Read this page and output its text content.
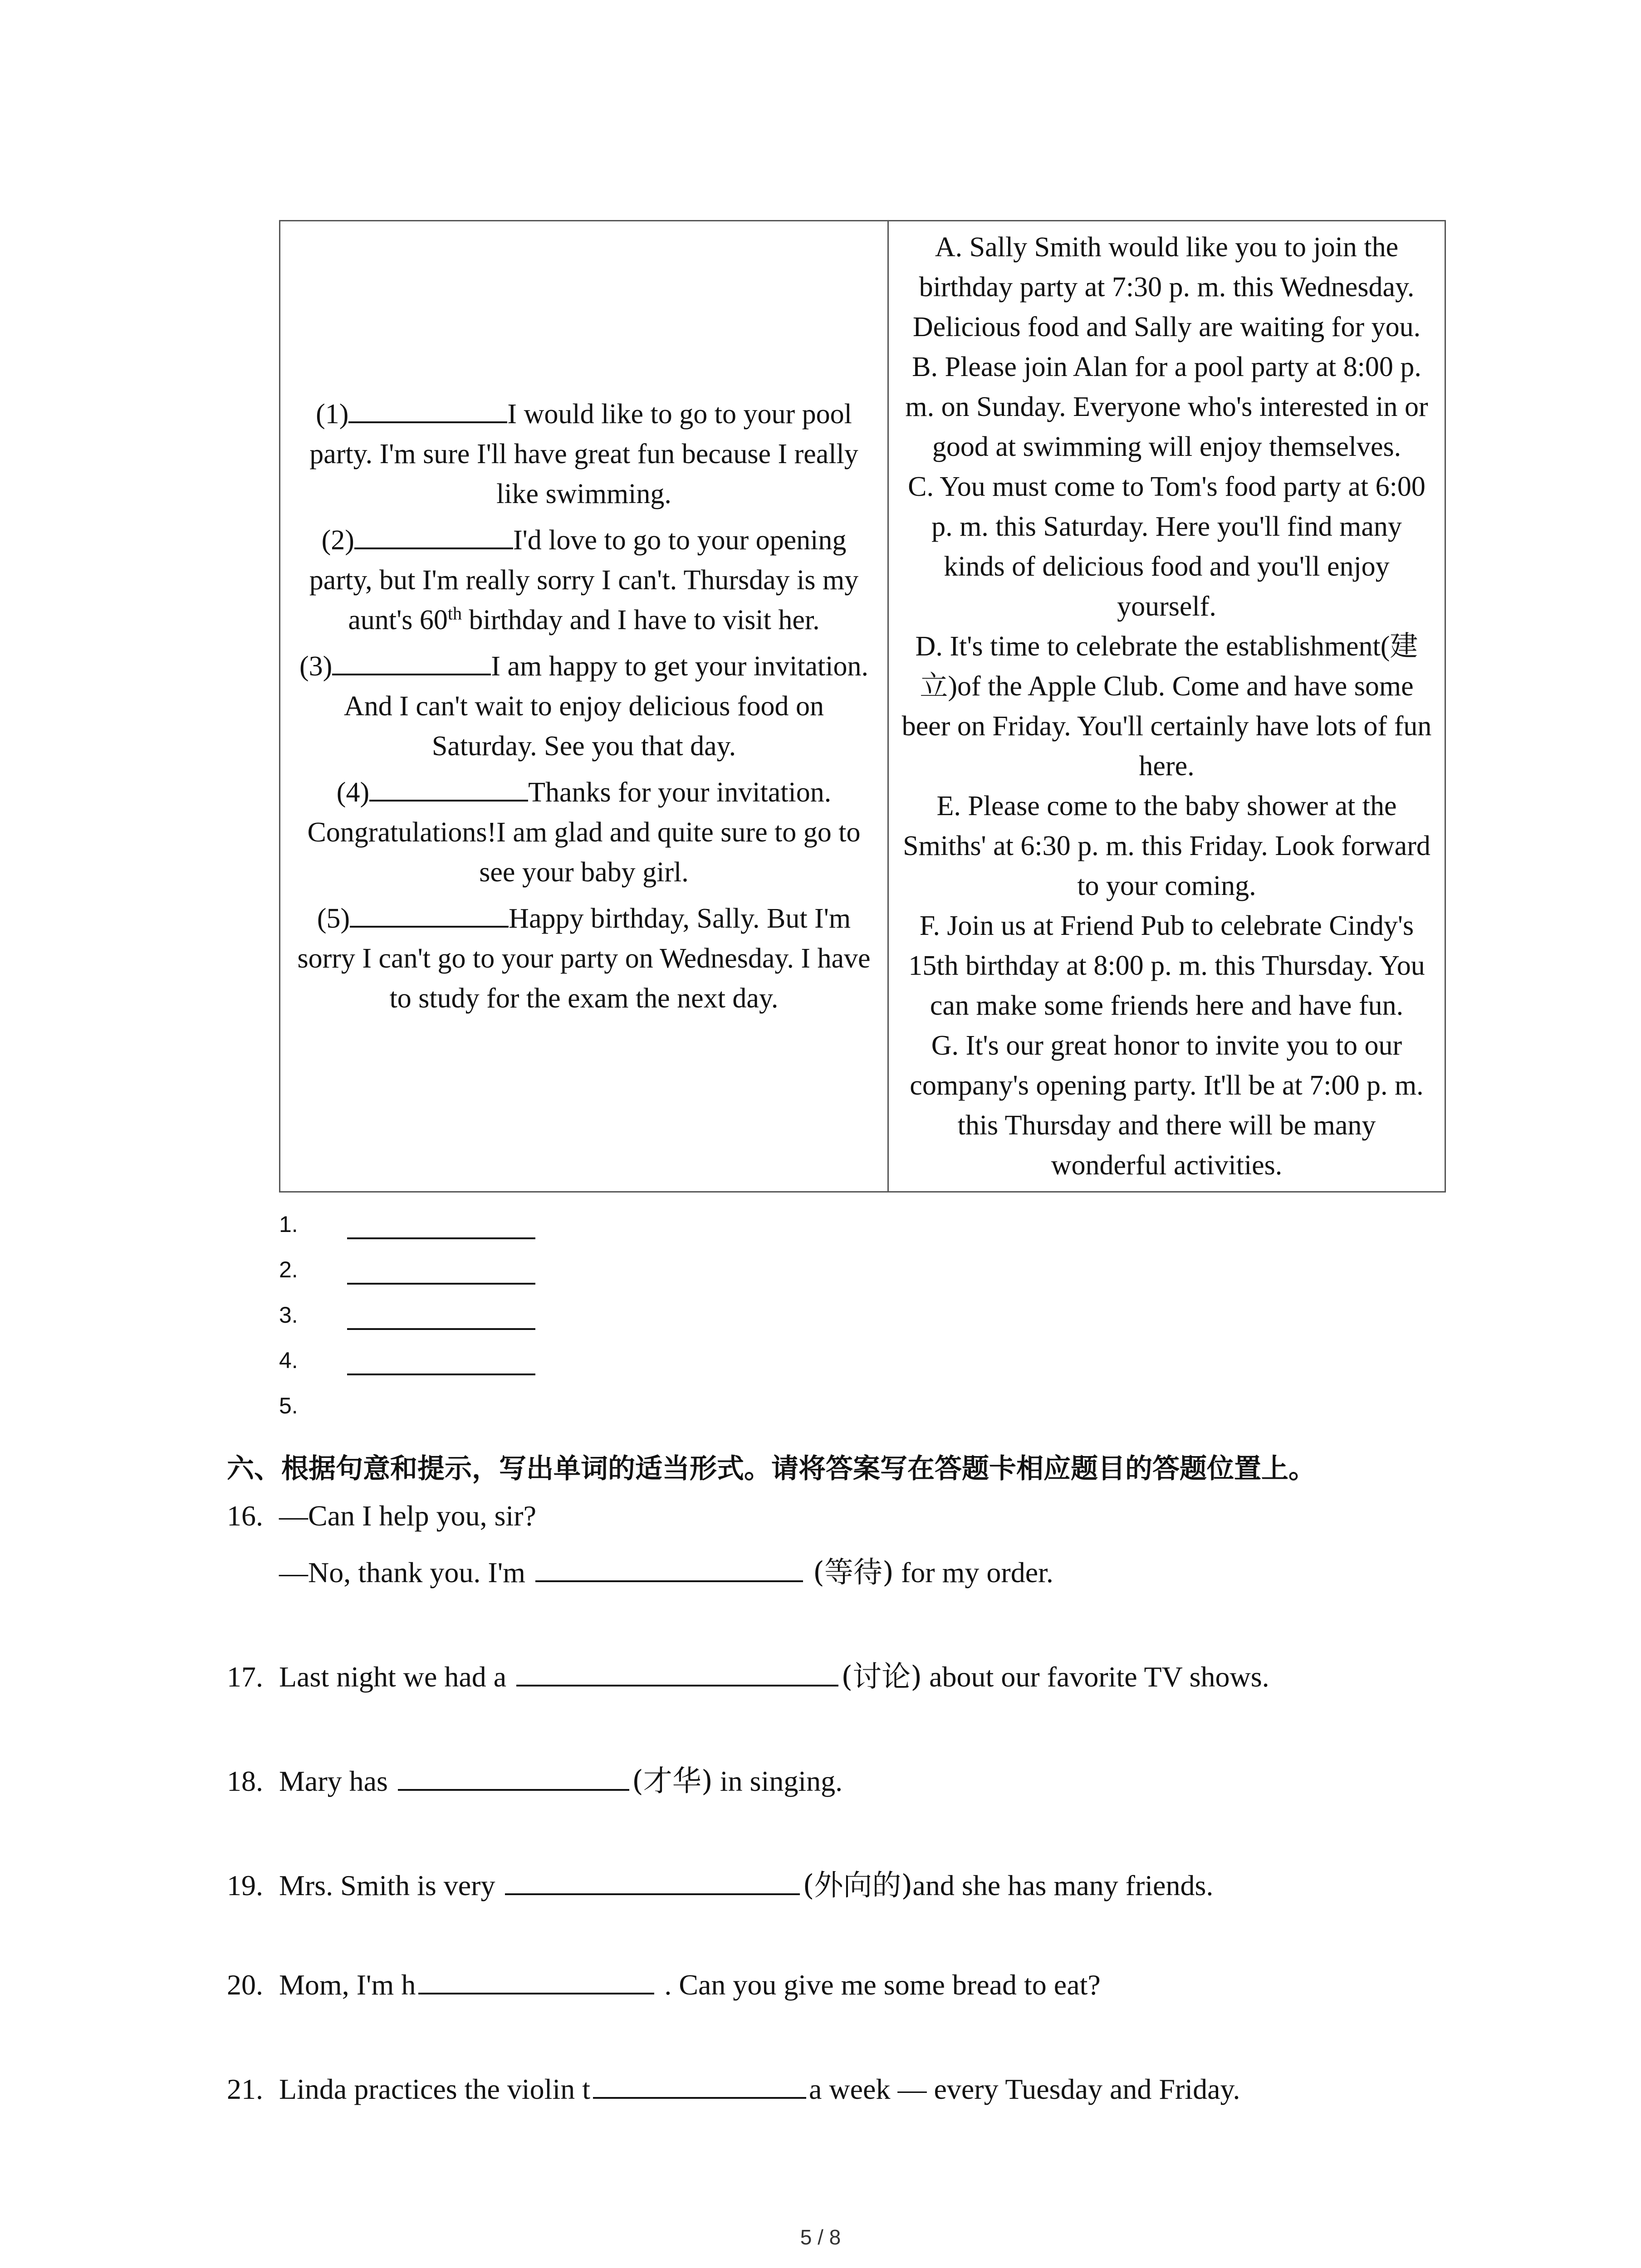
(1)	I would like to go to your pool party. I'm sure I'll have great fun because I really like swimming.
(2)	I'd love to go to your opening party, but I'm really sorry I can't. Thursday is my aunt's 60th birthday and I have to visit her.
(3)	I am happy to get your invitation. And I can't wait to enjoy delicious food on Saturday. See you that day.
(4)	Thanks for your invitation. Congratulations!I am glad and quite sure to go to see your baby girl.
(5)	Happy birthday, Sally. But I'm sorry I can't go to your party on Wednesday. I have to study for the exam the next day.

A. Sally Smith would like you to join the birthday party at 7:30 p. m. this Wednesday. Delicious food and Sally are waiting for you.
B. Please join Alan for a pool party at 8:00 p. m. on Sunday. Everyone who's interested in or good at swimming will enjoy themselves.
C. You must come to Tom's food party at 6:00 p. m. this Saturday. Here you'll find many kinds of delicious food and you'll enjoy yourself.
D. It's time to celebrate the establishment(建立)of the Apple Club. Come and have some beer on Friday. You'll certainly have lots of fun here.
E. Please come to the baby shower at the Smiths' at 6:30 p. m. this Friday. Look forward to your coming.
F. Join us at Friend Pub to celebrate Cindy's 15th birthday at 8:00 p. m. this Thursday. You can make some friends here and have fun.
G. It's our great honor to invite you to our company's opening party. It'll be at 7:00 p. m. this Thursday and there will be many wonderful activities.
1.
2.
3.
4.
5.
六、根据句意和提示，写出单词的适当形式。请将答案写在答题卡相应题目的答题位置上。
16. —Can I help you, sir?
—No, thank you. I'm	(等待) for my order.
17. Last night we had a	(讨论) about our favorite TV shows.
18. Mary has	(才华) in singing.
19. Mrs. Smith is very	(外向的)and she has many friends.
20. Mom, I'm h	. Can you give me some bread to eat?
21. Linda practices the violin t	a week — every Tuesday and Friday.
5 / 8
